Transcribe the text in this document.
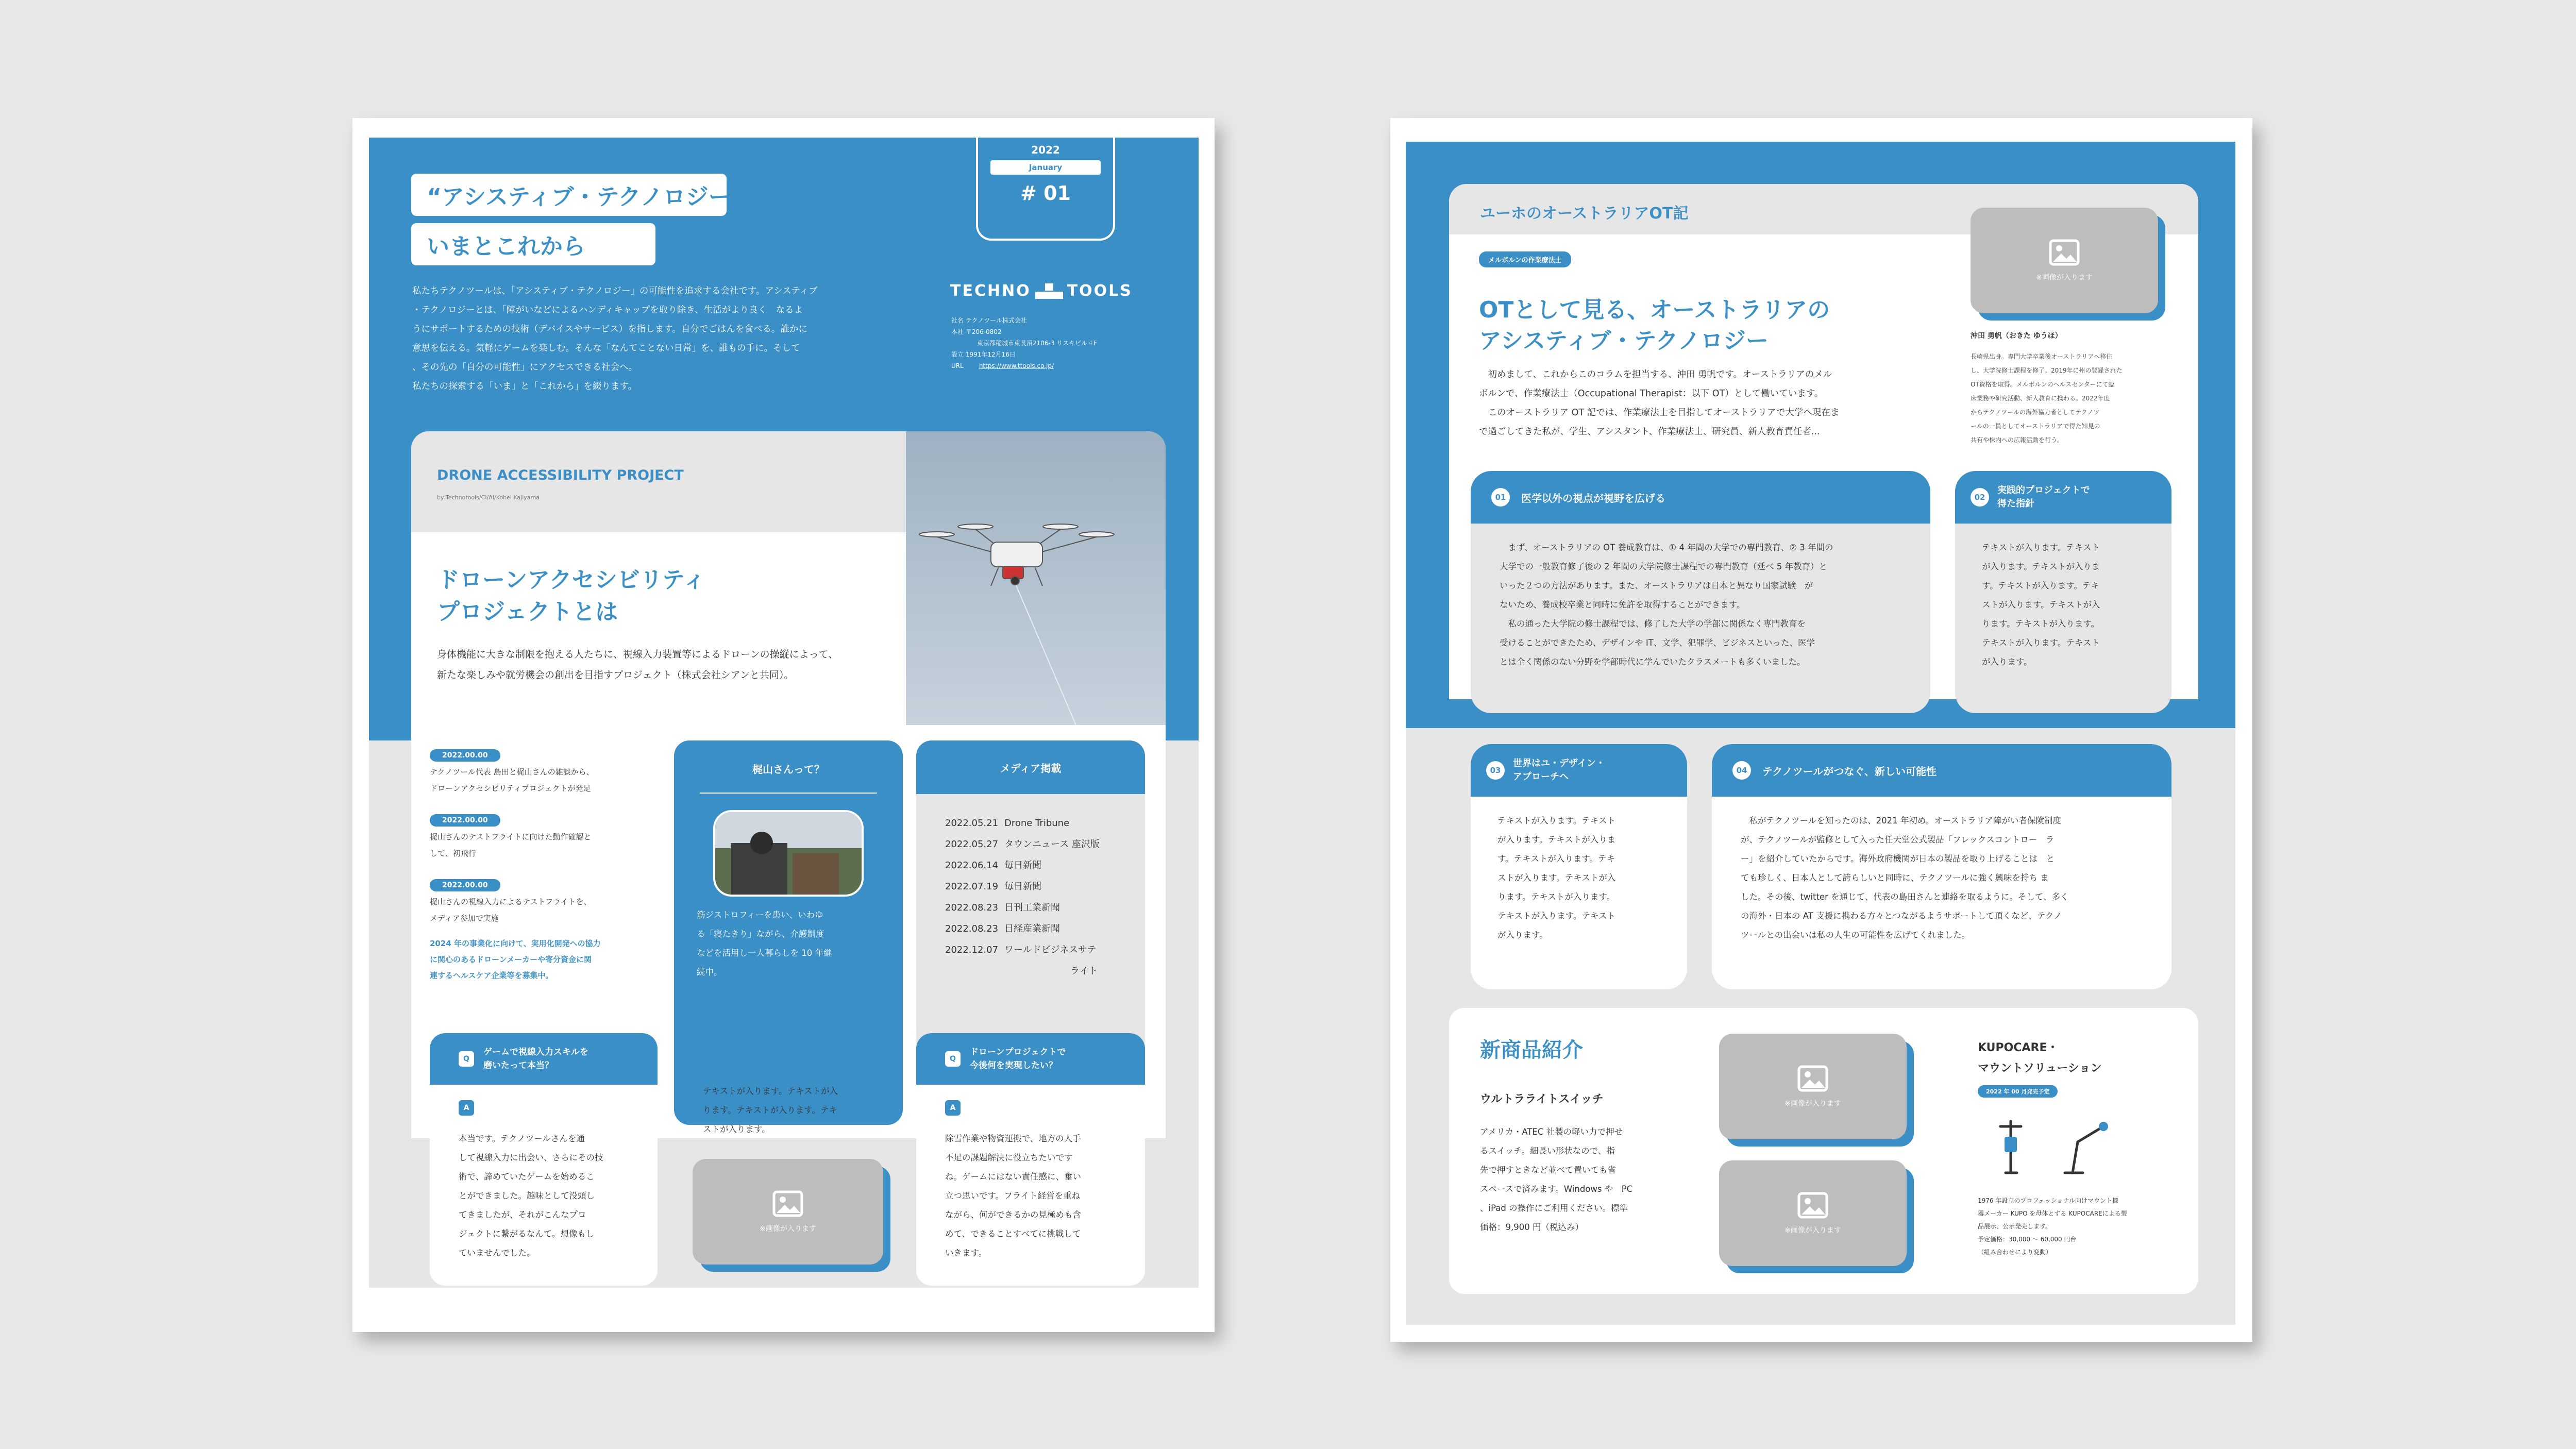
“アシスティブ・テクノロジー”の、
いまとこれから
2022
January
# 01
TECHNO TOOLS
社名 テクノツール株式会社
本社 〒206-0802
東京都稲城市東長沼2106-3 リスキビル４F
設立 1991年12月16日
URL	https://www.ttools.co.jp/
私たちテクノツールは、「アシスティブ・テクノロジー」の可能性を追求する会社です。アシスティブ
・テクノロジーとは、「障がいなどによるハンディキャップを取り除き、生活がより良く　なるよ
うにサポートするための技術（デバイスやサービス）を指します。自分でごはんを食べる。誰かに
意思を伝える。気軽にゲームを楽しむ。そんな「なんてことない日常」を、誰もの手に。そして
、その先の「自分の可能性」にアクセスできる社会へ。
私たちの探索する「いま」と「これから」を綴ります。
DRONE ACCESSIBILITY PROJECT
by Technotools/CI/AI/Kohei Kajiyama
ドローンアクセシビリティ
プロジェクトとは
身体機能に大きな制限を抱える人たちに、視線入力装置等によるドローンの操縦によって、
新たな楽しみや就労機会の創出を目指すプロジェクト（株式会社シアンと共同）。
2022.00.00

テクノツール代表 島田と梶山さんの雑談から、

ドローンアクセシビリティプロジェクトが発足

2022.00.00

梶山さんのテストフライトに向けた動作確認と

して、初飛行

2022.00.00

梶山さんの視線入力によるテストフライトを、

メディア参加で実施

2024 年の事業化に向けて、実用化開発への協力
に関心のあるドローンメーカーや寄分資金に関
連するヘルスケア企業等を募集中。
梶山さんって？
筋ジストロフィーを患い、いわゆ
る「寝たきり」ながら、介護制度
などを活用し一人暮らしを 10 年継
続中。
メディア掲載
2022.05.21 Drone Tribune
2022.05.27 タウンニュース 座沢版
2022.06.14 毎日新聞
2022.07.19 毎日新聞
2022.08.23 日刊工業新聞
2022.08.23 日経産業新聞
2022.12.07 ワールドビジネスサテ
ライト
Q
ゲームで視線入力スキルを
磨いたって本当？
A
本当です。テクノツールさんを通
して視線入力に出会い、さらにその技
術で、諦めていたゲームを始めるこ
とができました。趣味として没頭し
てきましたが、それがこんなプロ
ジェクトに繋がるなんて。想像もし
ていませんでした。
ゲームからリアルへ
梶山さんに聞くQ&A
テキストが入ります。テキストが入
ります。テキストが入ります。テキ
ストが入ります。
※画像が入ります
Q
ドローンプロジェクトで
今後何を実現したい？
A
除雪作業や物資運搬で、地方の人手
不足の課題解決に役立ちたいです
ね。ゲームにはない責任感に、奮い
立つ思いです。フライト経営を重ね
ながら、何ができるかの見極めも含
めて、できることすべてに挑戦して
いきます。
ユーホのオーストラリアOT記
※画像が入ります
沖田 勇帆（おきた ゆうほ）
長崎県出身。専門大学卒業後オーストラリアへ移住
し、大学院修士課程を修了。2019年に州の登録された
OT資格を取得。メルボルンのヘルスセンターにて臨
床業務や研究活動、新人教育に携わる。2022年度
からテクノツールの海外協力者としてテクノツ
ールの一員としてオーストラリアで得た知見の
共有や株内への広報活動を行う。
メルボルンの作業療法士
OTとして見る、オーストラリアの
アシスティブ・テクノロジー
　初めまして、これからこのコラムを担当する、沖田 勇帆です。オーストラリアのメル
ボルンで、作業療法士（Occupational Therapist：以下 OT）として働いています。
　このオーストラリア OT 記では、作業療法士を目指してオーストラリアで大学へ現在ま
で過ごしてきた私が、学生、アシスタント、作業療法士、研究員、新人教育責任者...
01	医学以外の視点が視野を広げる
　まず、オーストラリアの OT 養成教育は、① 4 年間の大学での専門教育、② 3 年間の
大学での一般教育修了後の 2 年間の大学院修士課程での専門教育（延べ 5 年教育）と
いった２つの方法があります。また、オーストラリアは日本と異なり国家試験　が
ないため、養成校卒業と同時に免許を取得することができます。
　私の通った大学院の修士課程では、修了した大学の学部に関係なく専門教育を
受けることができたため、デザインや IT、文学、犯罪学、ビジネスといった、医学
とは全く関係のない分野を学部時代に学んでいたクラスメートも多くいました。
02
実践的プロジェクトで
得た指針
テキストが入ります。テキスト
が入ります。テキストが入りま
す。テキストが入ります。テキ
ストが入ります。テキストが入
ります。テキストが入ります。
テキストが入ります。テキスト
が入ります。
03
世界はユ・デザイン・
アプローチへ
テキストが入ります。テキスト
が入ります。テキストが入りま
す。テキストが入ります。テキ
ストが入ります。テキストが入
ります。テキストが入ります。
テキストが入ります。テキスト
が入ります。
04	テクノツールがつなぐ、新しい可能性
　私がテクノツールを知ったのは、2021 年初め。オーストラリア障がい者保険制度
が、テクノツールが監修として入った任天堂公式製品「フレックスコントロー　ラ
ー」を紹介していたからです。海外政府機関が日本の製品を取り上げることは　と
ても珍しく、日本人として誇らしいと同時に、テクノツールに強く興味を持ち ま
した。その後、twitter を通じて、代表の島田さんと連絡を取るように。そして、多く
の海外・日本の AT 支援に携わる方々とつながるようサポートして頂くなど、テクノ
ツールとの出会いは私の人生の可能性を広げてくれました。
新商品紹介
ウルトラライトスイッチ
アメリカ・ATEC 社製の軽い力で押せ
るスイッチ。細長い形状なので、指
先で押すときなど並べて置いても省
スペースで済みます。Windows や　PC
、iPad の操作にご利用ください。標準
価格：9,900 円（税込み）
※画像が入ります
※画像が入ります
KUPOCARE・
マウントソリューション
2022 年 00 月発売予定
1976 年設立のプロフェッショナル向けマウント機
器メーカー KUPO を母体とする KUPOCAREによる製
品展示、公示発売します。
予定価格：30,000 〜 60,000 円台
（組み合わせにより変動）
